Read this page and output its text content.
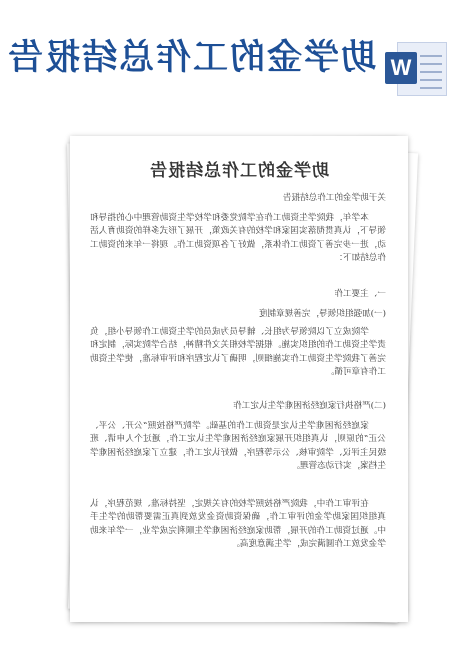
助学金的工作总结报告 W
助学金的工作总结报告
关于助学金的工作总结报告
本学年，我院学生资助工作在学院党委和学校学生资助管理中心的指导和领导下，认真贯彻落实国家和学校的有关政策，开展了形式多样的资助育人活动，进一步完善了资助工作体系，做好了各项资助工作。现将一年来的资助工作总结如下：
一、主要工作
(一)加强组织领导，完善规章制度
学院成立了以院领导为组长、辅导员为成员的学生资助工作领导小组，负责学生资助工作的组织实施。根据学校相关文件精神，结合学院实际，制定和完善了我院学生资助工作实施细则，明确了认定程序和评审标准，使学生资助工作有章可循。
(二)严格执行家庭经济困难学生认定工作
家庭经济困难学生认定是资助工作的基础。学院严格按照“公开、公平、公正”的原则，认真组织开展家庭经济困难学生认定工作，通过个人申请、班级民主评议、学院审核、公示等程序，做好认定工作，建立了家庭经济困难学生档案，实行动态管理。
在评审工作中，我院严格按照学校的有关规定，坚持标准、规范程序，认真组织国家助学金的评审工作，确保资助资金发放到真正需要帮助的学生手中。通过资助工作的开展，帮助家庭经济困难学生顺利完成学业，一学年来助学金发放工作圆满完成，学生满意度高。
